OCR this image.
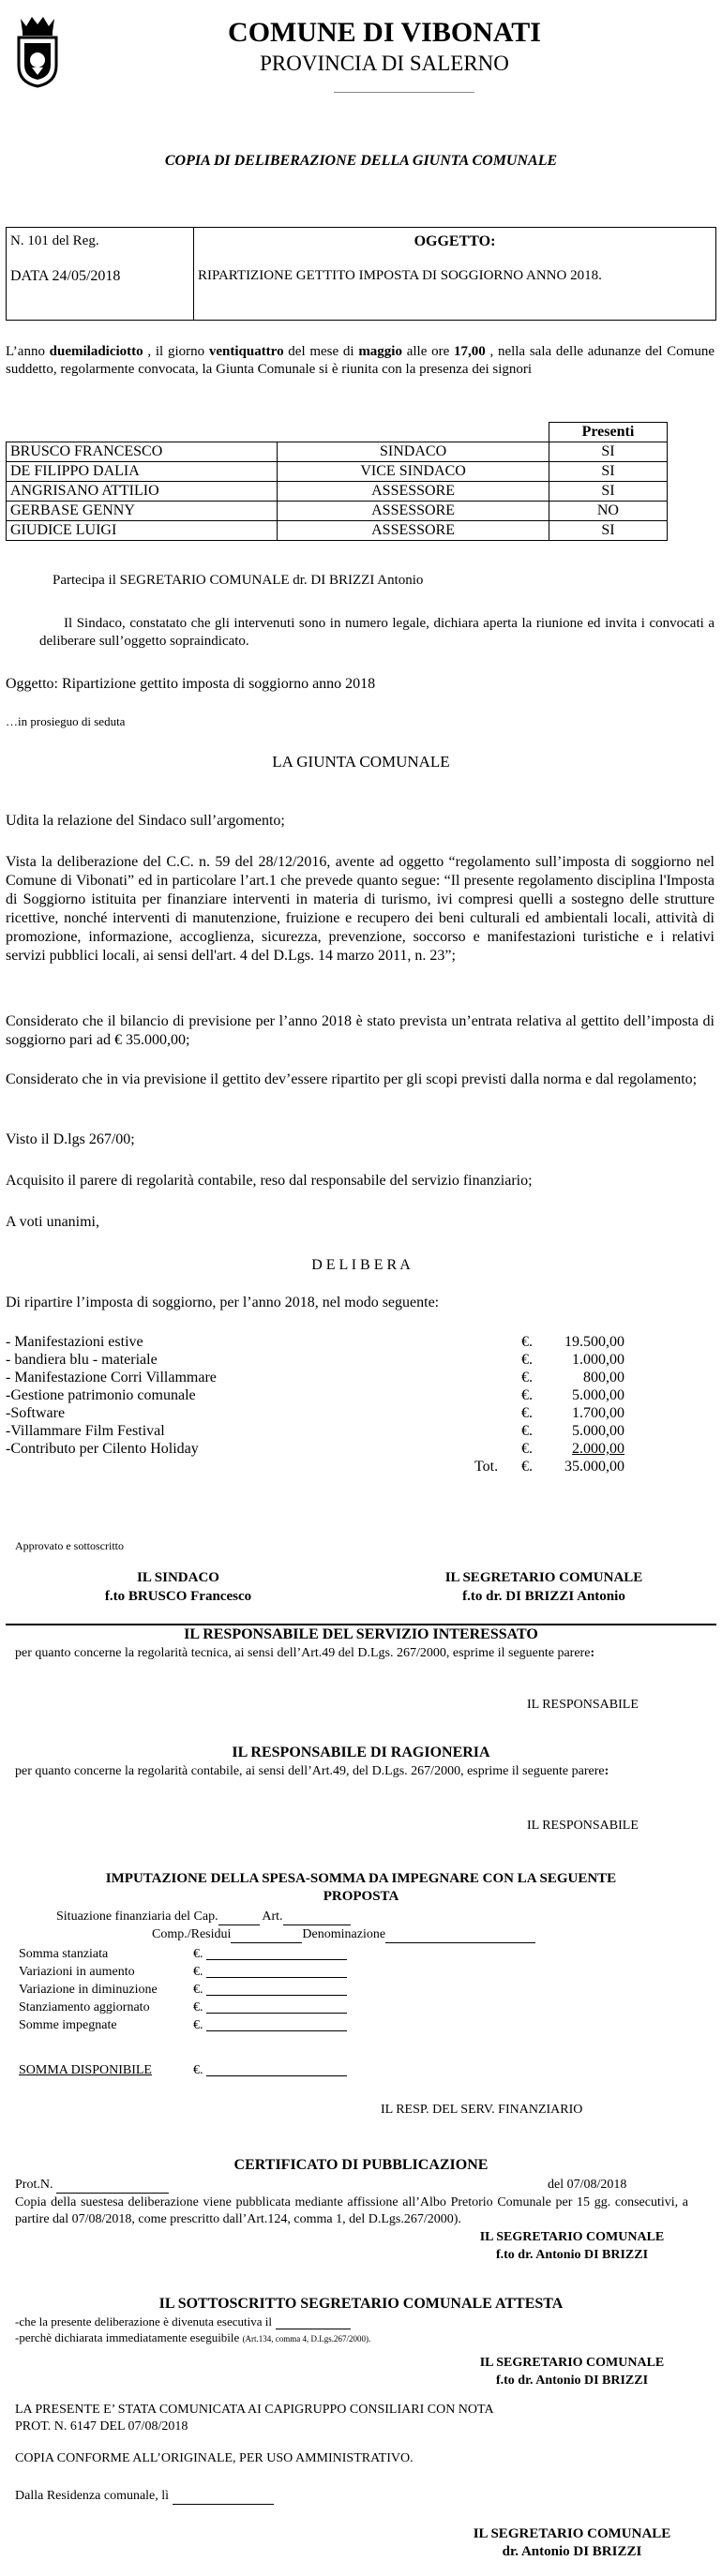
COMUNE DI VIBONATI
PROVINCIA DI SALERNO
COPIA DI DELIBERAZIONE DELLA GIUNTA COMUNALE
N. 101 del Reg.
DATA 24/05/2018
OGGETTO:
RIPARTIZIONE GETTITO IMPOSTA DI SOGGIORNO ANNO 2018.
L’anno duemiladiciotto , il giorno ventiquattro del mese di maggio alle ore 17,00 , nella sala delle adunanze del Comune suddetto, regolarmente convocata, la Giunta Comunale si è riunita con la presenza dei signori
		Presenti
BRUSCO FRANCESCO	SINDACO	SI
DE FILIPPO DALIA	VICE SINDACO	SI
ANGRISANO ATTILIO	ASSESSORE	SI
GERBASE GENNY	ASSESSORE	NO
GIUDICE LUIGI	ASSESSORE	SI
Partecipa il SEGRETARIO COMUNALE dr. DI BRIZZI Antonio
Il Sindaco, constatato che gli intervenuti sono in numero legale, dichiara aperta la riunione ed invita i convocati a deliberare sull’oggetto sopraindicato.
Oggetto: Ripartizione gettito imposta di soggiorno anno 2018
…in prosieguo di seduta
LA GIUNTA COMUNALE
Udita la relazione del Sindaco sull’argomento;
Vista la deliberazione del C.C. n. 59 del 28/12/2016, avente ad oggetto “regolamento sull’imposta di soggiorno nel Comune di Vibonati” ed in particolare l’art.1 che prevede quanto segue: “Il presente regolamento disciplina l'Imposta di Soggiorno istituita per finanziare interventi in materia di turismo, ivi compresi quelli a sostegno delle strutture ricettive, nonché interventi di manutenzione, fruizione e recupero dei beni culturali ed ambientali locali, attività di promozione, informazione, accoglienza, sicurezza, prevenzione, soccorso e manifestazioni turistiche e i relativi servizi pubblici locali, ai sensi dell'art. 4 del D.Lgs. 14 marzo 2011, n. 23”;
Considerato che il bilancio di previsione per l’anno 2018 è stato prevista un’entrata relativa al gettito dell’imposta di soggiorno pari ad € 35.000,00;
Considerato che in via previsione il gettito dev’essere ripartito per gli scopi previsti dalla norma e dal regolamento;
Visto il D.lgs 267/00;
Acquisito il parere di regolarità contabile, reso dal responsabile del servizio finanziario;
A voti unanimi,
D E L I B E R A
Di ripartire l’imposta di soggiorno, per l’anno 2018, nel modo seguente:
- Manifestazioni estive	€.	19.500,00
- bandiera blu - materiale	€.	1.000,00
- Manifestazione Corri Villammare	€.	800,00
-Gestione patrimonio comunale	€.	5.000,00
-Software	€.	1.700,00
-Villammare Film Festival	€.	5.000,00
-Contributo per Cilento Holiday	€.	2.000,00
Tot. €.	35.000,00
Approvato e sottoscritto
IL SINDACO
f.to BRUSCO Francesco
IL SEGRETARIO COMUNALE
f.to dr. DI BRIZZI Antonio
IL RESPONSABILE DEL SERVIZIO INTERESSATO
per quanto concerne la regolarità tecnica, ai sensi dell’Art.49 del D.Lgs. 267/2000, esprime il seguente parere:
IL RESPONSABILE
IL RESPONSABILE DI RAGIONERIA
per quanto concerne la regolarità contabile, ai sensi dell’Art.49, del D.Lgs. 267/2000, esprime il seguente parere:
IL RESPONSABILE
IMPUTAZIONE DELLA SPESA-SOMMA DA IMPEGNARE CON LA SEGUENTE
PROPOSTA
Situazione finanziaria del Cap.	Art.
Comp./Residui	Denominazione
Somma stanziata	€.
Variazioni in aumento	€.
Variazione in diminuzione	€.
Stanziamento aggiornato	€.
Somme impegnate	€.
SOMMA DISPONIBILE	€.
IL RESP. DEL SERV. FINANZIARIO
CERTIFICATO DI PUBBLICAZIONE
Prot.N.	del 07/08/2018
Copia della suestesa deliberazione viene pubblicata mediante affissione all’Albo Pretorio Comunale per 15 gg. consecutivi, a partire dal 07/08/2018, come prescritto dall’Art.124, comma 1, del D.Lgs.267/2000).
IL SEGRETARIO COMUNALE
f.to dr. Antonio DI BRIZZI
IL SOTTOSCRITTO SEGRETARIO COMUNALE ATTESTA
-che la presente deliberazione è divenuta esecutiva il
-perchè dichiarata immediatamente eseguibile (Art.134, comma 4, D.Lgs.267/2000).
IL SEGRETARIO COMUNALE
f.to dr. Antonio DI BRIZZI
LA PRESENTE E’ STATA COMUNICATA AI CAPIGRUPPO CONSILIARI CON NOTA
PROT. N. 6147 DEL 07/08/2018
COPIA CONFORME ALL’ORIGINALE, PER USO AMMINISTRATIVO.
Dalla Residenza comunale, lì
IL SEGRETARIO COMUNALE
dr. Antonio DI BRIZZI
